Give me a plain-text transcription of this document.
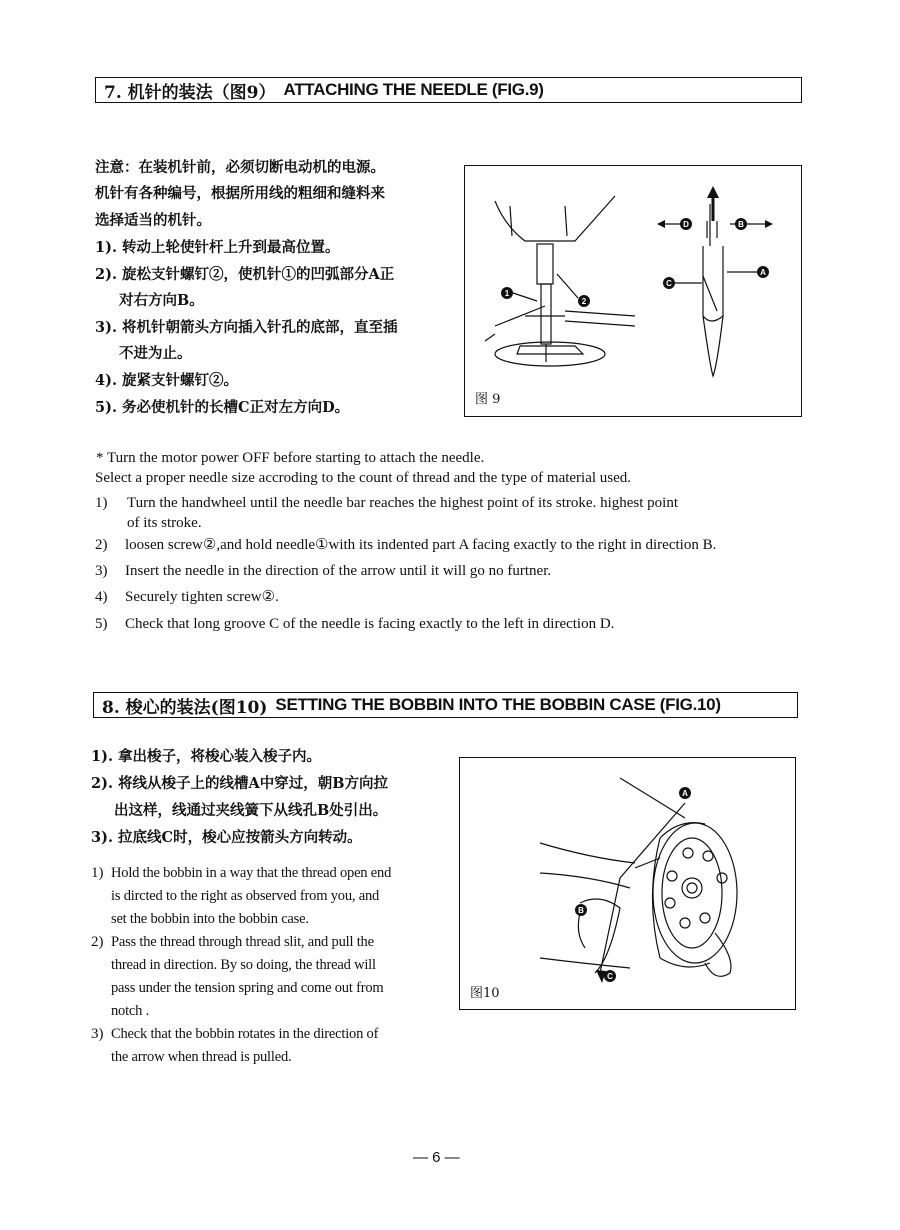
7. 机针的装法（图9） ATTACHING THE NEEDLE (FIG.9)
注意：在装机针前，必须切断电动机的电源。
机针有各种编号，根据所用线的粗细和缝料来
选择适当的机针。
1). 转动上轮使针杆上升到最高位置。
2). 旋松支针螺钉②，使机针①的凹弧部分A正
对右方向B。
3). 将机针朝箭头方向插入针孔的底部，直至插
不进为止。
4). 旋紧支针螺钉②。
5). 务必使机针的长槽C正对左方向D。
1
2
D	B
C
A
图 9
* Turn the motor power OFF before starting to attach the needle.
Select a proper needle size accroding to the count of thread and the type of material used.
1) Turn the handwheel until the needle bar reaches the highest point of its stroke. highest point
of its stroke.
2) loosen screw②,and hold needle①with its indented part A facing exactly to the right in direction B.
3) Insert the needle in the direction of the arrow until it will go no furtner.
4) Securely tighten screw②.
5) Check that long groove C of the needle is facing exactly to the left in direction D.
8. 梭心的装法(图10) SETTING THE BOBBIN INTO THE BOBBIN CASE (FIG.10)
1). 拿出梭子，将梭心装入梭子内。
2). 将线从梭子上的线槽A中穿过，朝B方向拉
出这样，线通过夹线簧下从线孔B处引出。
3). 拉底线C时，梭心应按箭头方向转动。
1) Hold the bobbin in a way that the thread open end
is dircted to the right as observed from you, and
set the bobbin into the bobbin case.
2) Pass the thread through thread slit, and pull the
thread in direction. By so doing, the thread will
pass under the tension spring and come out from
notch .
3) Check that the bobbin rotates in the direction of
the arrow when thread is pulled.
A
B
C
图10
— 6 —
